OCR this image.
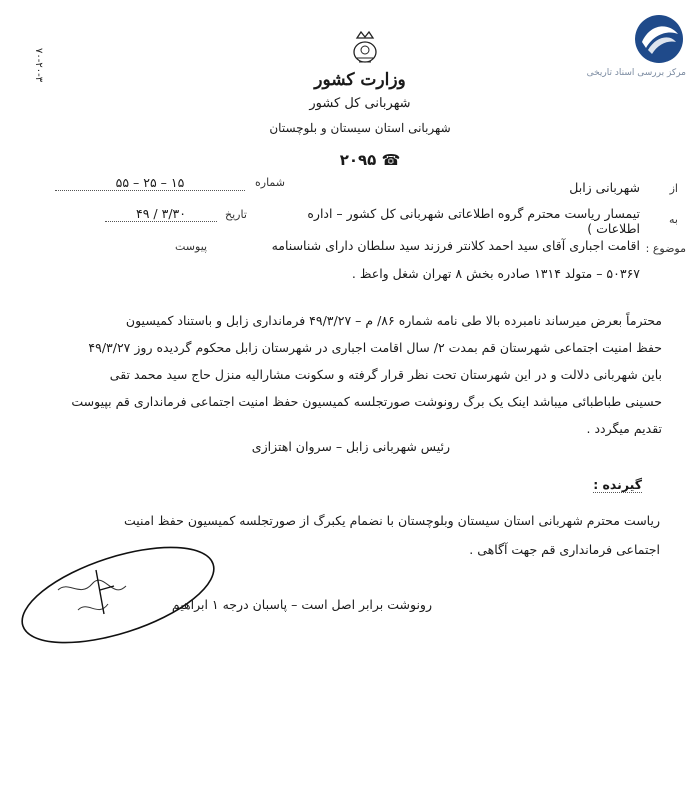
مرکز بررسی اسناد تاریخی
۷۰-۲۰-۳	وزارت کشور
شهربانی کل کشور
شهربانی استان سیستان و بلوچستان
☎ ۲۰۹۵
شماره
۵۵ – ۲۵ – ۱۵
تاریخ
۴۹ / ۳/۳۰
پیوست
از
شهربانی زابل
به
تیمسار ریاست محترم گروه اطلاعاتی شهربانی کل کشور – اداره اطلاعات )
موضوع :
اقامت اجباری آقای سید احمد کلانتر فرزند سید سلطان دارای شناسنامه
۵۰۳۶۷ – متولد ۱۳۱۴ صادره بخش ۸ تهران شغل واعظ .
محترماً بعرض میرساند نامبرده بالا طی نامه شماره ۸۶/ م – ۴۹/۳/۲۷ فرمانداری زابل و باستناد کمیسیون
حفظ امنیت اجتماعی شهرستان قم بمدت ۲/ سال اقامت اجباری در شهرستان زابل محکوم گردیده روز ۴۹/۳/۲۷
باین شهربانی دلالت و در این شهرستان تحت نظر قرار گرفته و سکونت مشارالیه منزل حاج سید محمد تقی
حسینی طباطبائی میباشد اینک یک برگ رونوشت صورتجلسه کمیسیون حفظ امنیت اجتماعی فرمانداری قم بپیوست
تقدیم میگردد .
رئیس شهربانی زابل – سروان اهتزازی
گیرنده :
ریاست محترم شهربانی استان سیستان وبلوچستان با نضمام یکبرگ از صورتجلسه کمیسیون حفظ امنیت
اجتماعی فرمانداری قم جهت آگاهی .
رونوشت برابر اصل است – پاسبان درجه ۱ ابراهیم
